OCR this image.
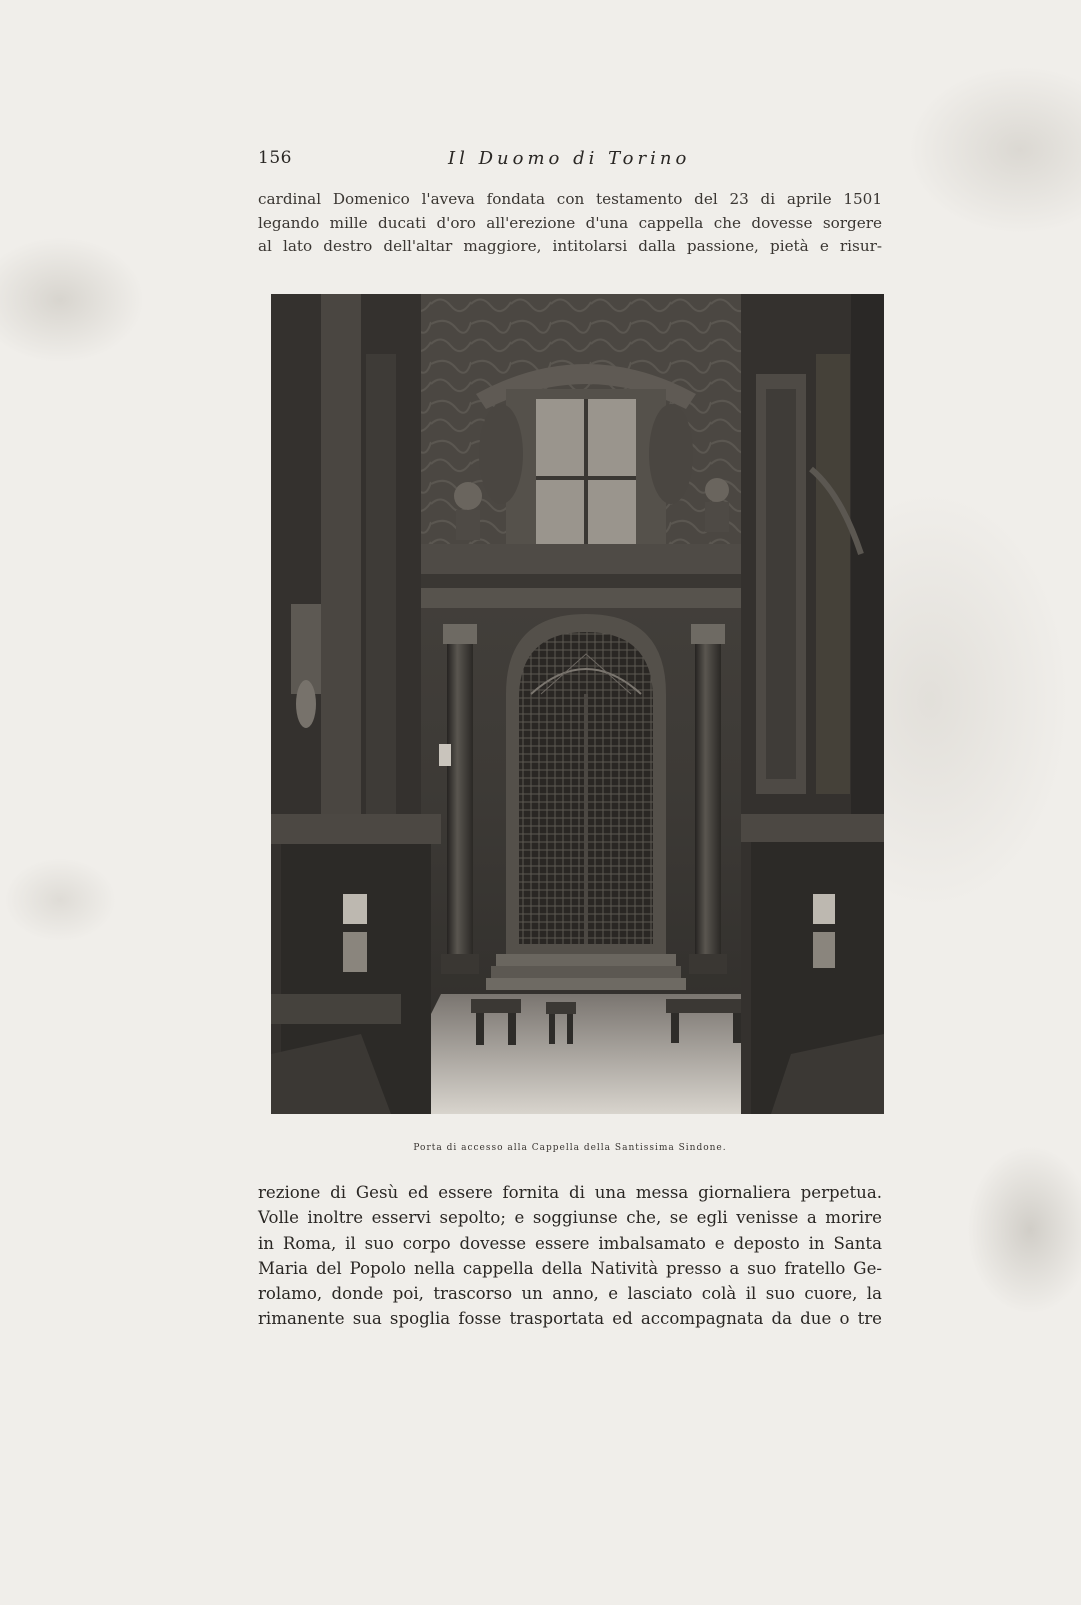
156	Il Duomo di Torino
cardinal Domenico l'aveva fondata con testamento del 23 di aprile 1501
legando mille ducati d'oro all'erezione d'una cappella che dovesse sorgere
al lato destro dell'altar maggiore, intitolarsi dalla passione, pietà e risur-
Porta di accesso alla Cappella della Santissima Sindone.
rezione di Gesù ed essere fornita di una messa giornaliera perpetua.
Volle inoltre esservi sepolto; e soggiunse che, se egli venisse a morire
in Roma, il suo corpo dovesse essere imbalsamato e deposto in Santa
Maria del Popolo nella cappella della Natività presso a suo fratello Ge-
rolamo, donde poi, trascorso un anno, e lasciato colà il suo cuore, la
rimanente sua spoglia fosse trasportata ed accompagnata da due o tre
